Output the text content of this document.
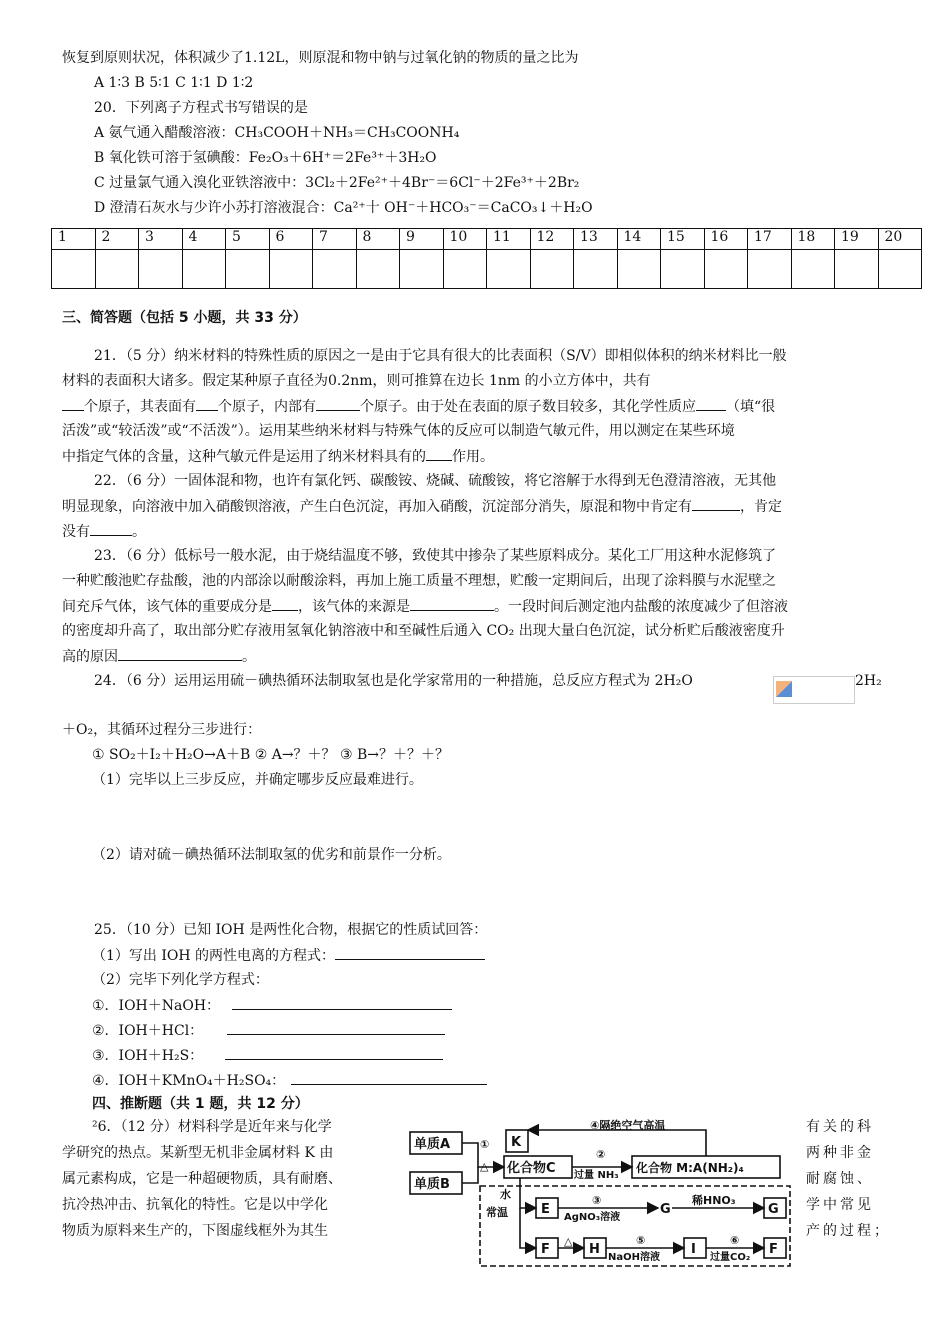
恢复到原则状况，体积减少了1.12L，则原混和物中钠与过氧化钠的物质的量之比为
A 1∶3 B 5∶1 C 1∶1 D 1∶2
20．下列离子方程式书写错误的是
A 氨气通入醋酸溶液：CH₃COOH＋NH₃＝CH₃COONH₄
B 氧化铁可溶于氢碘酸：Fe₂O₃＋6H⁺＝2Fe³⁺＋3H₂O
C 过量氯气通入溴化亚铁溶液中：3Cl₂＋2Fe²⁺＋4Br⁻＝6Cl⁻＋2Fe³⁺＋2Br₂
D 澄清石灰水与少许小苏打溶液混合：Ca²⁺十 OH⁻＋HCO₃⁻＝CaCO₃↓＋H₂O
1	2	3	4	5	6	7	8	9	10	11	12	13	14	15	16	17	18	19	20

三、简答题（包括 5 小题，共 33 分）
21．（5 分）纳米材料的特殊性质的原因之一是由于它具有很大的比表面积（S/V）即相似体积的纳米材料比一般
材料的表面积大诸多。假定某种原子直径为0.2nm，则可推算在边长 1nm 的小立方体中，共有
个原子，其表面有 个原子，内部有	个原子。由于处在表面的原子数目较多，其化学性质应 （填“很
活泼”或“较活泼”或“不活泼”）。运用某些纳米材料与特殊气体的反应可以制造气敏元件，用以测定在某些环境
中指定气体的含量，这种气敏元件是运用了纳米材料具有的 作用。
22．（6 分）一固体混和物，也许有氯化钙、碳酸铵、烧碱、硫酸铵，将它溶解于水得到无色澄清溶液，无其他
明显现象，向溶液中加入硝酸钡溶液，产生白色沉淀，再加入硝酸，沉淀部分消失，原混和物中肯定有	，肯定
没有	。
23．（6 分）低标号一般水泥，由于烧结温度不够，致使其中掺杂了某些原料成分。某化工厂用这种水泥修筑了
一种贮酸池贮存盐酸，池的内部涂以耐酸涂料，再加上施工质量不理想，贮酸一定期间后，出现了涂料膜与水泥壁之
间充斥气体，该气体的重要成分是 ，该气体的来源是	。一段时间后测定池内盐酸的浓度减少了但溶液
的密度却升高了，取出部分贮存液用氢氧化钠溶液中和至碱性后通入 CO₂ 出现大量白色沉淀，试分析贮后酸液密度升
高的原因	。
24．（6 分）运用运用硫－碘热循环法制取氢也是化学家常用的一种措施，总反应方程式为 2H₂O	2H₂
＋O₂，其循环过程分三步进行：
① SO₂＋I₂＋H₂O→A＋B ② A→？＋？ ③ B→？＋？＋？
（1）完毕以上三步反应，并确定哪步反应最难进行。
（2）请对硫－碘热循环法制取氢的优劣和前景作一分析。
25．（10 分）已知 IOH 是两性化合物，根据它的性质试回答：
（1）写出 IOH 的两性电离的方程式：
（2）完毕下列化学方程式：
①．IOH＋NaOH：
②．IOH＋HCl：
③．IOH＋H₂S：
④．IOH＋KMnO₄＋H₂SO₄：
四、推断题（共 1 题，共 12 分）
²6．（12 分）材料科学是近年来与化学
学研究的热点。某新型无机非金属材料 K 由
属元素构成，它是一种超硬物质，具有耐磨、
抗冷热冲击、抗氧化的特性。它是以中学化
物质为原料来生产的，下图虚线框外为其生
有关的科
两种非金
耐腐蚀、
学中常见
产的过程；
单质A
单质B
K
化合物C	化合物 M:A(NH₂)₄
E	G	G
F	H	I	F
①
△
②
过量 NH₃
④隔绝空气高温
水
常温
③
AgNO₃溶液
稀HNO₃
△	⑤
NaOH溶液
⑥
过量CO₂
